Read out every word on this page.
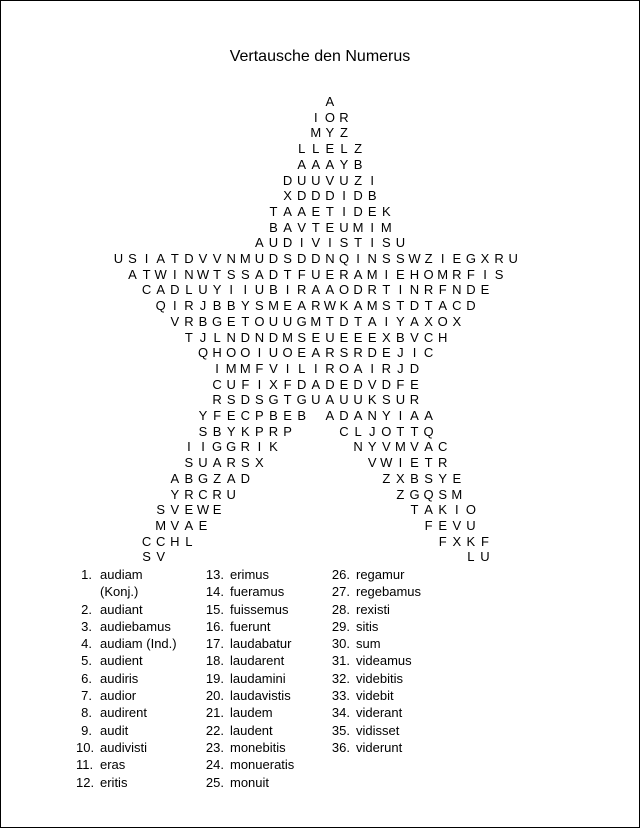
Vertausche den Numerus
A
I O R
M Y Z
L L E L Z
A A A Y B
D U U V U Z I
X D D D I D B
T A A E T I D E K
B A V T E U M I M
A U D I V I S T I S U
U S I A T D V V N M U D S D D N Q I N S S W Z I E G X R U
A T W I N W T S S A D T F U E R A M I E H O M R F I S
C A D L U Y I I U B I R A A O D R T I N R F N D E
Q I R J B B Y S M E A R W K A M S T D T A C D
V R B G E T O U U G M T D T A I Y A X O X
T J L N D N D M S E U E E E X B V C H
Q H O O I U O E A R S R D E J I C
I M M F V I L I R O A I R J D
C U F I X F D A D E D V D F E
R S D S G T G U A U U K S U R
Y F E C P B E B A D A N Y I A A
S B Y K P R P	C L J O T T Q
I I G G R I K	N Y V M V A C
S U A R S X	V W I E T R
A B G Z A D	Z X B S Y E
Y R C R U	Z G Q S M
S V E W E	T A K I O
M V A E	F E V U
C C H L	F X K F
S V	L U
1. audiam
(Konj.)
2. audiant
3. audiebamus
4. audiam (Ind.)
5. audient
6. audiris
7. audior
8. audirent
9. audit
10. audivisti
11. eras
12. eritis
13. erimus
14. fueramus
15. fuissemus
16. fuerunt
17. laudabatur
18. laudarent
19. laudamini
20. laudavistis
21. laudem
22. laudent
23. monebitis
24. monueratis
25. monuit
26. regamur
27. regebamus
28. rexisti
29. sitis
30. sum
31. videamus
32. videbitis
33. videbit
34. viderant
35. vidisset
36. viderunt
